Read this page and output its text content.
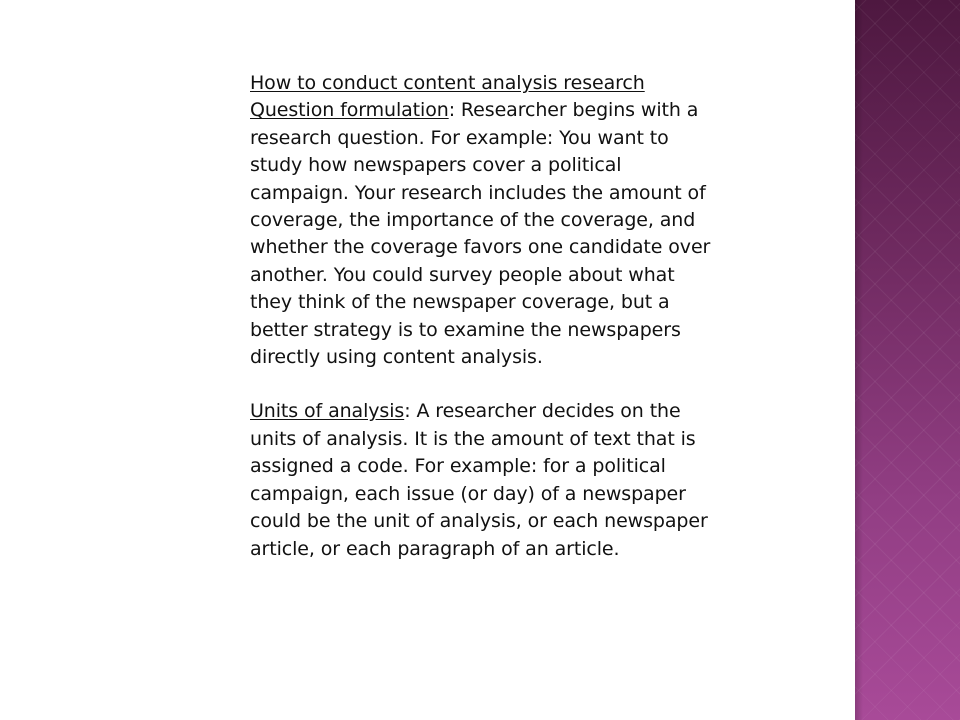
How to conduct content analysis research

Question formulation: Researcher begins with a research question. For example: You want to study how newspapers cover a political campaign. Your research includes the amount of coverage, the importance of the coverage, and whether the coverage favors one candidate over another. You could survey people about what they think of the newspaper coverage, but a better strategy is to examine the newspapers directly using content analysis.

Units of analysis: A researcher decides on the units of analysis. It is the amount of text that is assigned a code. For example: for a political campaign, each issue (or day) of a newspaper could be the unit of analysis, or each newspaper article, or each paragraph of an article.
